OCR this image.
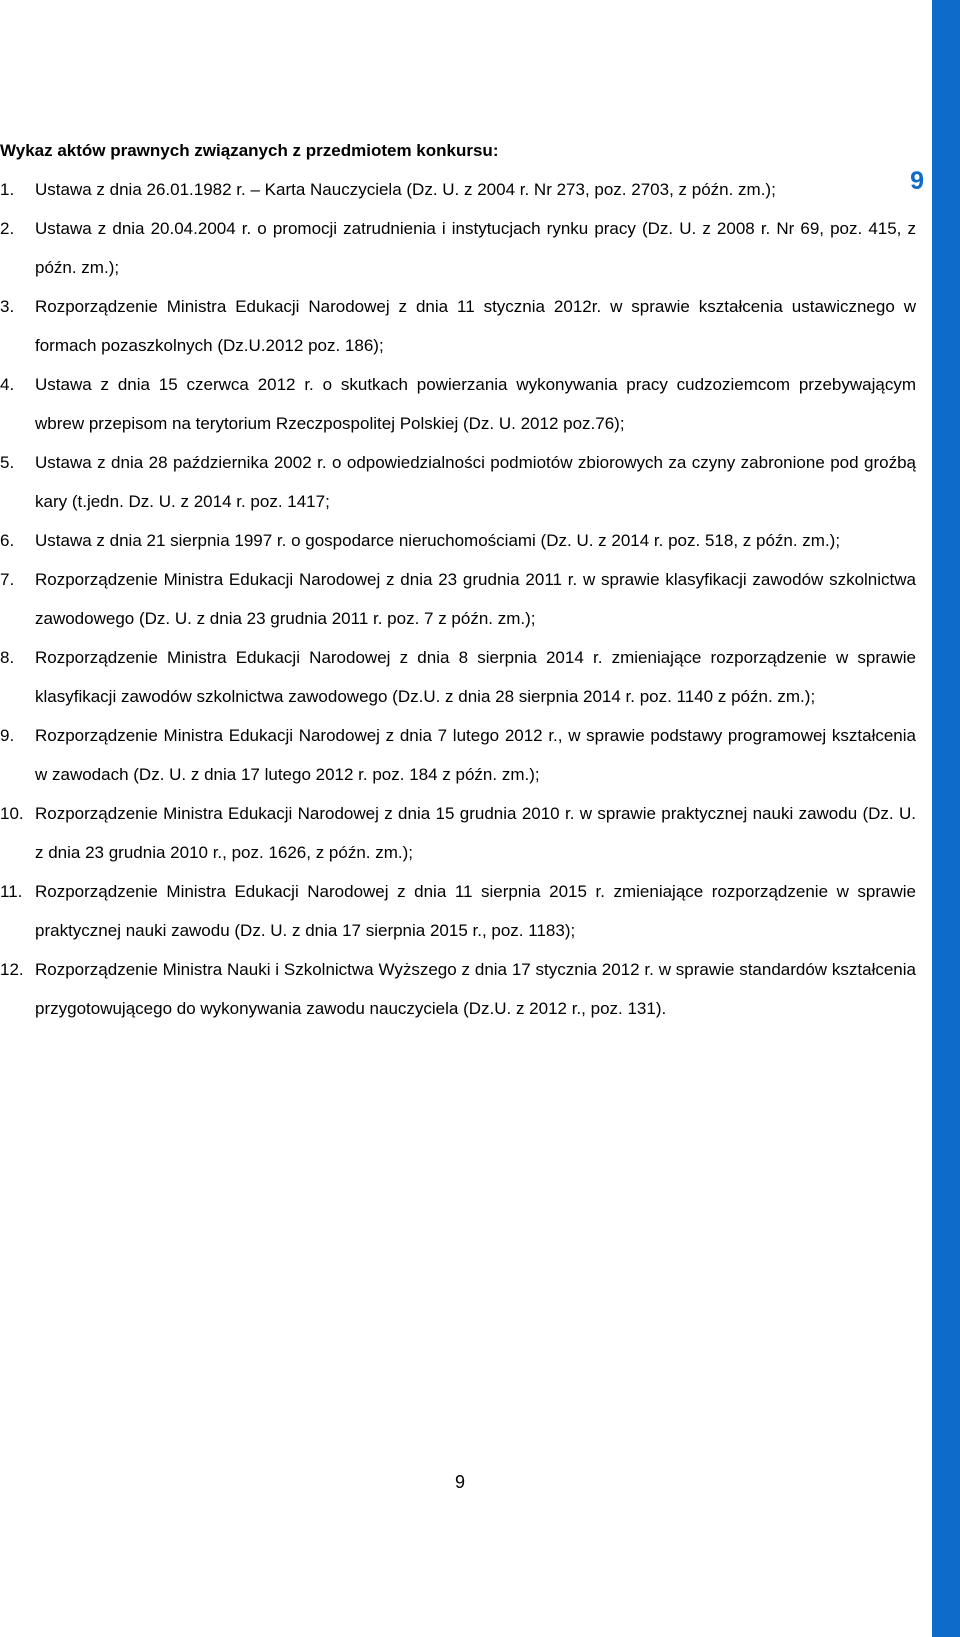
9
Wykaz aktów prawnych związanych z przedmiotem konkursu:
1.	Ustawa z dnia 26.01.1982 r. – Karta Nauczyciela (Dz. U. z 2004 r. Nr 273, poz. 2703, z późn. zm.);
2.	Ustawa z dnia 20.04.2004 r. o promocji zatrudnienia i instytucjach rynku pracy (Dz. U. z 2008 r. Nr 69, poz. 415, z późn. zm.);
3.	Rozporządzenie Ministra Edukacji Narodowej z dnia 11 stycznia 2012r. w sprawie kształcenia ustawicznego w formach pozaszkolnych (Dz.U.2012 poz. 186);
4.	Ustawa z dnia 15 czerwca 2012 r. o skutkach powierzania wykonywania pracy cudzoziemcom przebywającym wbrew przepisom na terytorium Rzeczpospolitej Polskiej (Dz. U. 2012 poz.76);
5.	Ustawa z dnia 28 października 2002 r. o odpowiedzialności podmiotów zbiorowych za czyny zabronione pod groźbą kary (t.jedn. Dz. U. z 2014 r. poz. 1417;
6.	Ustawa z dnia 21 sierpnia 1997 r. o gospodarce nieruchomościami (Dz. U. z 2014 r. poz. 518, z późn. zm.);
7.	Rozporządzenie Ministra Edukacji Narodowej z dnia 23 grudnia 2011 r. w sprawie klasyfikacji zawodów szkolnictwa zawodowego (Dz. U. z dnia 23 grudnia 2011 r. poz. 7 z późn. zm.);
8.	Rozporządzenie Ministra Edukacji Narodowej z dnia 8 sierpnia 2014 r. zmieniające rozporządzenie w sprawie klasyfikacji zawodów szkolnictwa zawodowego (Dz.U. z dnia 28 sierpnia 2014 r. poz. 1140 z późn. zm.);
9.	Rozporządzenie Ministra Edukacji Narodowej z dnia 7 lutego 2012 r., w sprawie podstawy programowej kształcenia w zawodach (Dz. U. z dnia 17 lutego 2012 r. poz. 184 z późn. zm.);
10. Rozporządzenie Ministra Edukacji Narodowej z dnia 15 grudnia 2010 r. w sprawie praktycznej nauki zawodu (Dz. U. z dnia 23 grudnia 2010 r., poz. 1626, z późn. zm.);
11. Rozporządzenie Ministra Edukacji Narodowej z dnia 11 sierpnia 2015 r. zmieniające rozporządzenie w sprawie praktycznej nauki zawodu (Dz. U. z dnia 17 sierpnia 2015 r., poz. 1183);
12. Rozporządzenie Ministra Nauki i Szkolnictwa Wyższego z dnia 17 stycznia 2012 r. w sprawie standardów kształcenia przygotowującego do wykonywania zawodu nauczyciela (Dz.U. z 2012 r., poz. 131).
9
